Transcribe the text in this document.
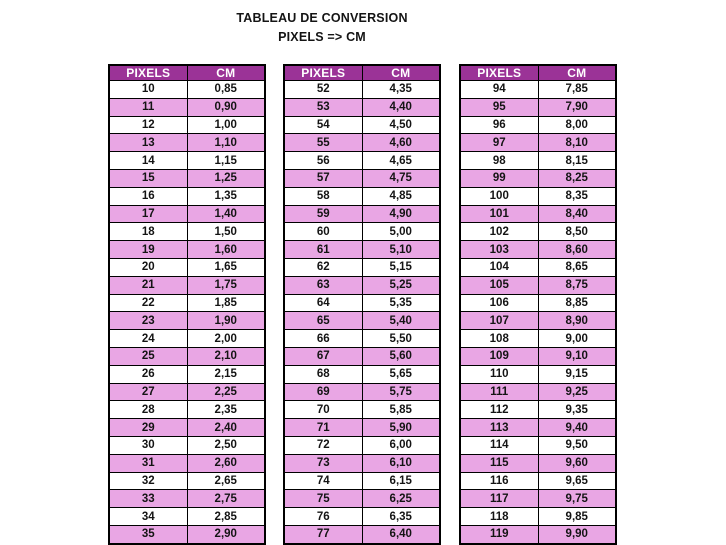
TABLEAU DE CONVERSION
PIXELS => CM
PIXELS	CM
10	0,85
11	0,90
12	1,00
13	1,10
14	1,15
15	1,25
16	1,35
17	1,40
18	1,50
19	1,60
20	1,65
21	1,75
22	1,85
23	1,90
24	2,00
25	2,10
26	2,15
27	2,25
28	2,35
29	2,40
30	2,50
31	2,60
32	2,65
33	2,75
34	2,85
35	2,90
PIXELS	CM
52	4,35
53	4,40
54	4,50
55	4,60
56	4,65
57	4,75
58	4,85
59	4,90
60	5,00
61	5,10
62	5,15
63	5,25
64	5,35
65	5,40
66	5,50
67	5,60
68	5,65
69	5,75
70	5,85
71	5,90
72	6,00
73	6,10
74	6,15
75	6,25
76	6,35
77	6,40
PIXELS	CM
94	7,85
95	7,90
96	8,00
97	8,10
98	8,15
99	8,25
100	8,35
101	8,40
102	8,50
103	8,60
104	8,65
105	8,75
106	8,85
107	8,90
108	9,00
109	9,10
110	9,15
111	9,25
112	9,35
113	9,40
114	9,50
115	9,60
116	9,65
117	9,75
118	9,85
119	9,90
